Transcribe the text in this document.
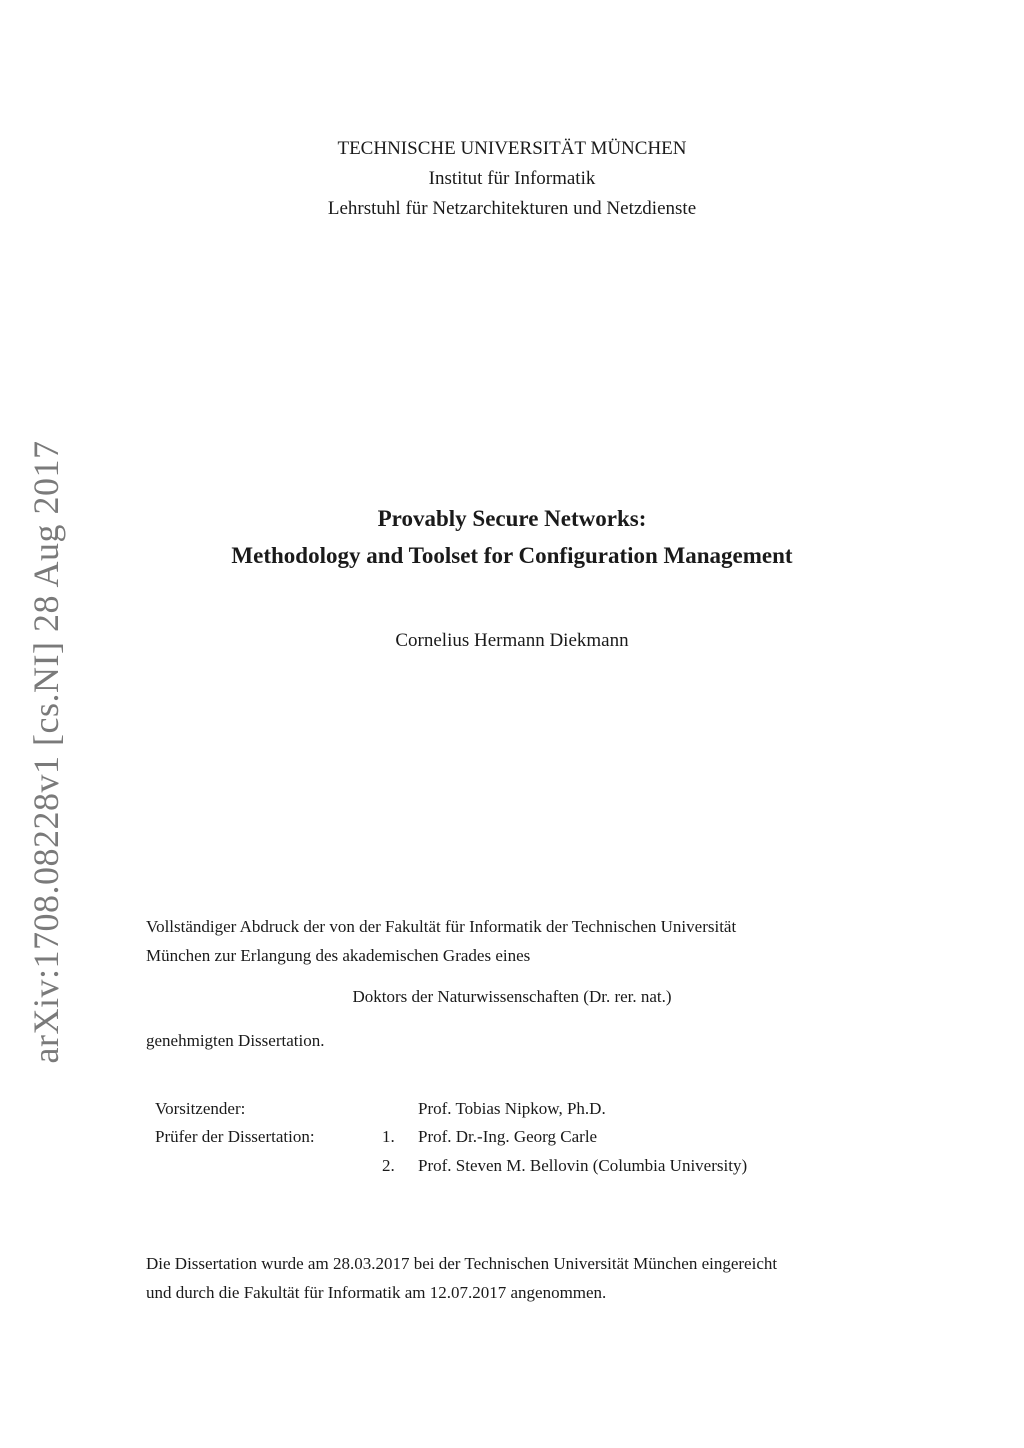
arXiv:1708.08228v1 [cs.NI] 28 Aug 2017
TECHNISCHE UNIVERSITÄT MÜNCHEN
Institut für Informatik
Lehrstuhl für Netzarchitekturen und Netzdienste
Provably Secure Networks:
Methodology and Toolset for Configuration Management
Cornelius Hermann Diekmann
Vollständiger Abdruck der von der Fakultät für Informatik der Technischen Universität
München zur Erlangung des akademischen Grades eines
Doktors der Naturwissenschaften (Dr. rer. nat.)
genehmigten Dissertation.
Vorsitzender:	Prof. Tobias Nipkow, Ph.D.
Prüfer der Dissertation:	1. Prof. Dr.-Ing. Georg Carle
2. Prof. Steven M. Bellovin (Columbia University)
Die Dissertation wurde am 28.03.2017 bei der Technischen Universität München eingereicht
und durch die Fakultät für Informatik am 12.07.2017 angenommen.
